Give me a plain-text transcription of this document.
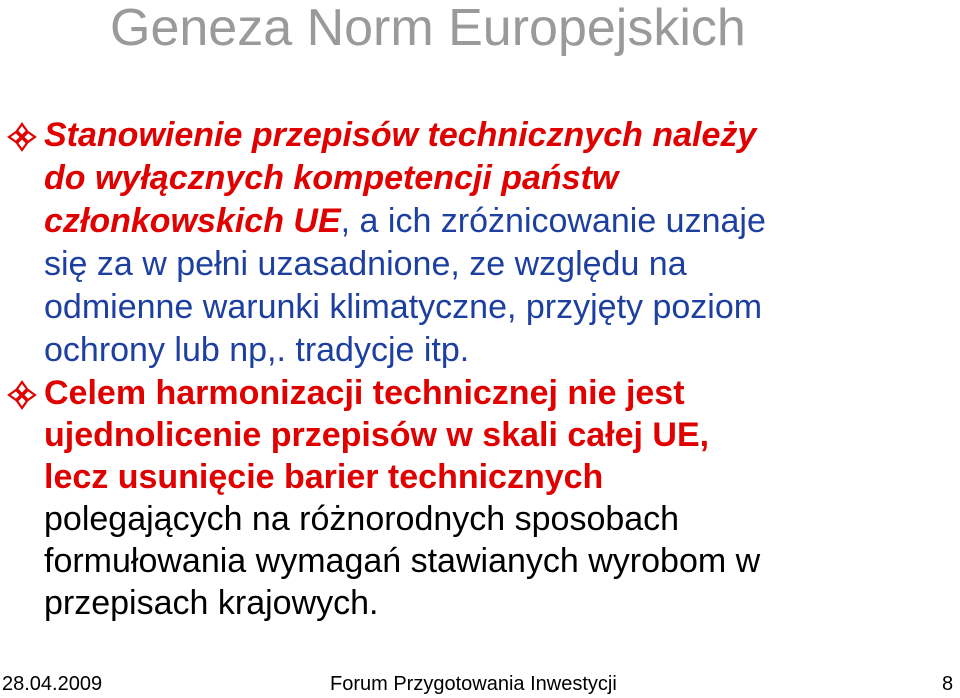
Geneza Norm Europejskich
Stanowienie przepisów technicznych należy
do wyłącznych kompetencji państw
członkowskich UE, a ich zróżnicowanie uznaje
się za w pełni uzasadnione, ze względu na
odmienne warunki klimatyczne, przyjęty poziom
ochrony lub np,. tradycje itp.
Celem harmonizacji technicznej nie jest
ujednolicenie przepisów w skali całej UE,
lecz usunięcie barier technicznych
polegających na różnorodnych sposobach
formułowania wymagań stawianych wyrobom w
przepisach krajowych.
28.04.2009	Forum Przygotowania Inwestycji	8
